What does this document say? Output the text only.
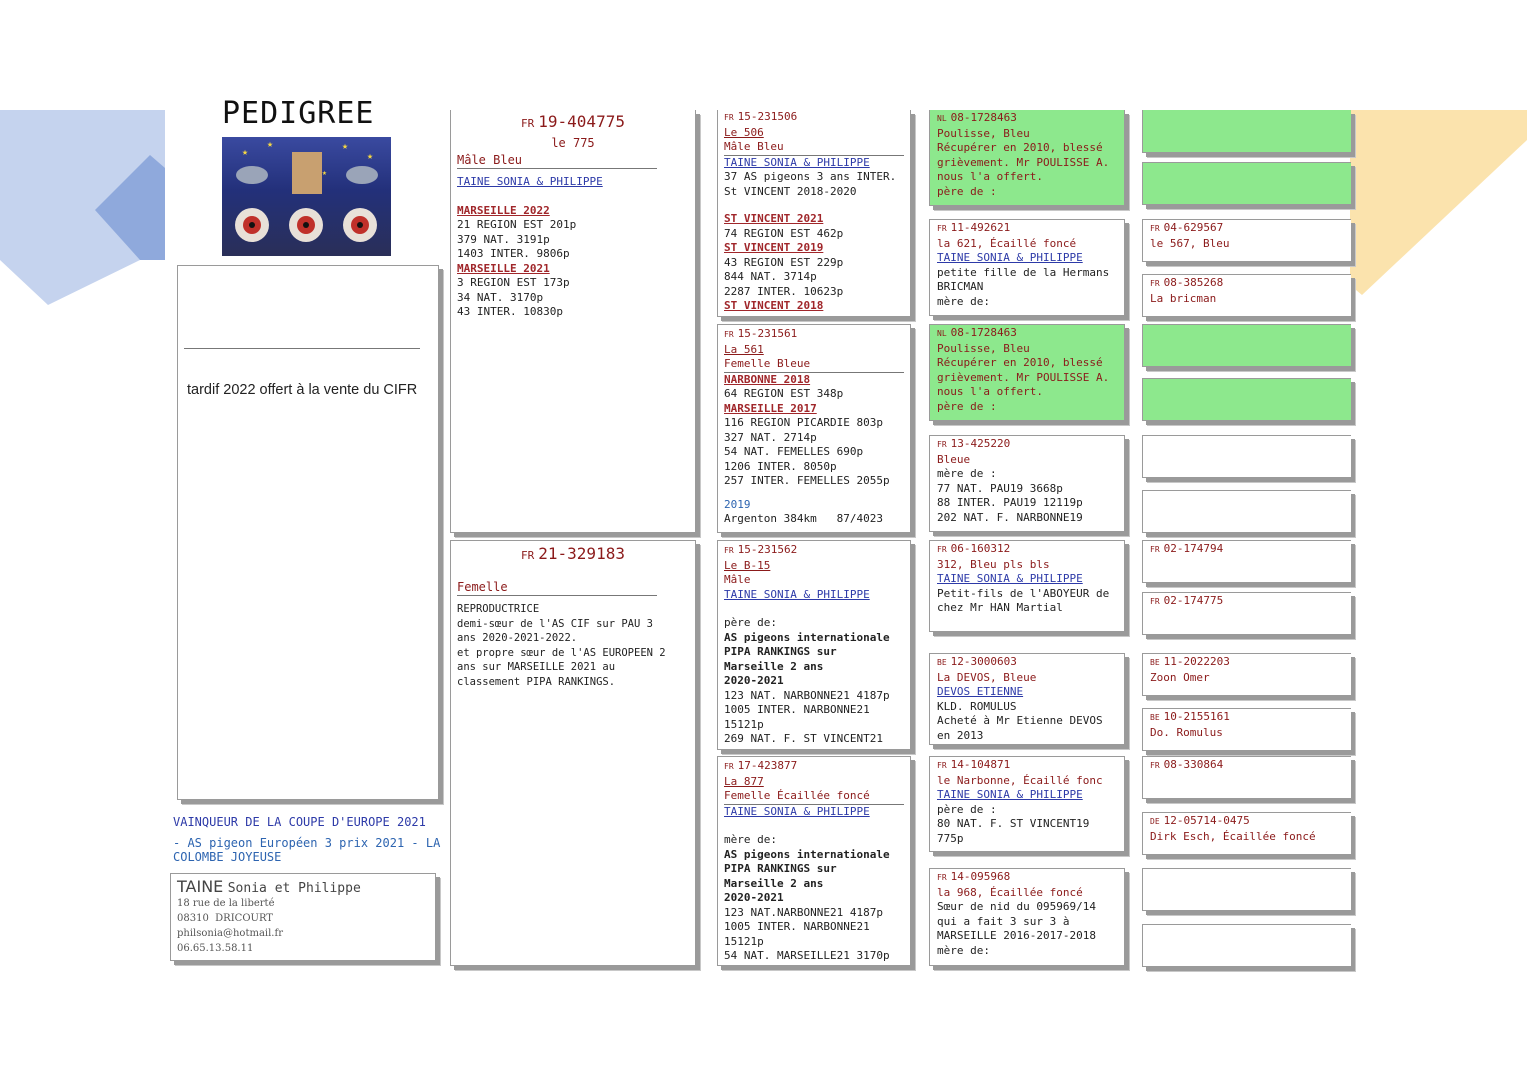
PEDIGREE
★
★	★
★
★
tardif 2022 offert à la vente du CIFR
VAINQUEUR DE LA COUPE D'EUROPE 2021
- AS pigeon Européen 3 prix 2021 - LA COLOMBE JOYEUSE
TAINE Sonia et Philippe
18 rue de la liberté
08310  DRICOURT
philsonia@hotmail.fr
06.65.13.58.11
FR 19-404775
le 775
Mâle Bleu
TAINE SONIA & PHILIPPE
MARSEILLE 2022
21 REGION EST 201p
379 NAT. 3191p
1403 INTER. 9806p
MARSEILLE 2021
3 REGION EST 173p
34 NAT. 3170p
43 INTER. 10830p
FR 21-329183
Femelle
REPRODUCTRICE
demi-sœur de l'AS CIF sur PAU 3
ans 2020-2021-2022.
et propre sœur de l'AS EUROPEEN 2
ans sur MARSEILLE 2021 au
classement PIPA RANKINGS.
FR 15-231506
Le 506
Mâle Bleu
TAINE SONIA & PHILIPPE
37 AS pigeons 3 ans INTER.
St VINCENT 2018-2020
ST VINCENT 2021
74 REGION EST 462p
ST VINCENT 2019
43 REGION EST 229p
844 NAT. 3714p
2287 INTER. 10623p
ST VINCENT 2018
FR 15-231561
La 561
Femelle Bleue
NARBONNE 2018
64 REGION EST 348p
MARSEILLE 2017
116 REGION PICARDIE 803p
327 NAT. 2714p
54 NAT. FEMELLES 690p
1206 INTER. 8050p
257 INTER. FEMELLES 2055p
2019
Argenton 384km   87/4023
FR 15-231562
Le B-15
Mâle
TAINE SONIA & PHILIPPE
père de:
AS pigeons internationale
PIPA RANKINGS sur
Marseille 2 ans
2020-2021
123 NAT. NARBONNE21 4187p
1005 INTER. NARBONNE21
15121p
269 NAT. F. ST VINCENT21
FR 17-423877
La 877
Femelle Écaillée foncé
TAINE SONIA & PHILIPPE
mère de:
AS pigeons internationale
PIPA RANKINGS sur
Marseille 2 ans
2020-2021
123 NAT.NARBONNE21 4187p
1005 INTER. NARBONNE21
15121p
54 NAT. MARSEILLE21 3170p
NL 08-1728463
Poulisse, Bleu
Récupérer en 2010, blessé
grièvement. Mr POULISSE A.
nous l'a offert.
père de :
FR 11-492621
la 621, Écaillé foncé
TAINE SONIA & PHILIPPE
petite fille de la Hermans
BRICMAN
mère de:
NL 08-1728463
Poulisse, Bleu
Récupérer en 2010, blessé
grièvement. Mr POULISSE A.
nous l'a offert.
père de :
FR 13-425220
Bleue
mère de :
77 NAT. PAU19 3668p
88 INTER. PAU19 12119p
202 NAT. F. NARBONNE19
FR 06-160312
312, Bleu pls bls
TAINE SONIA & PHILIPPE
Petit-fils de l'ABOYEUR de
chez Mr HAN Martial
BE 12-3000603
La DEVOS, Bleue
DEVOS ETIENNE
KLD. ROMULUS
Acheté à Mr Etienne DEVOS
en 2013
FR 14-104871
le Narbonne, Écaillé fonc
TAINE SONIA & PHILIPPE
père de :
80 NAT. F. ST VINCENT19
775p
FR 14-095968
la 968, Écaillée foncé
Sœur de nid du 095969/14
qui a fait 3 sur 3 à
MARSEILLE 2016-2017-2018
mère de:
FR 04-629567
le 567, Bleu
FR 08-385268
La bricman
FR 02-174794
FR 02-174775
BE 11-2022203
Zoon Omer
BE 10-2155161
Do. Romulus
FR 08-330864
DE 12-05714-0475
Dirk Esch, Écaillée foncé
